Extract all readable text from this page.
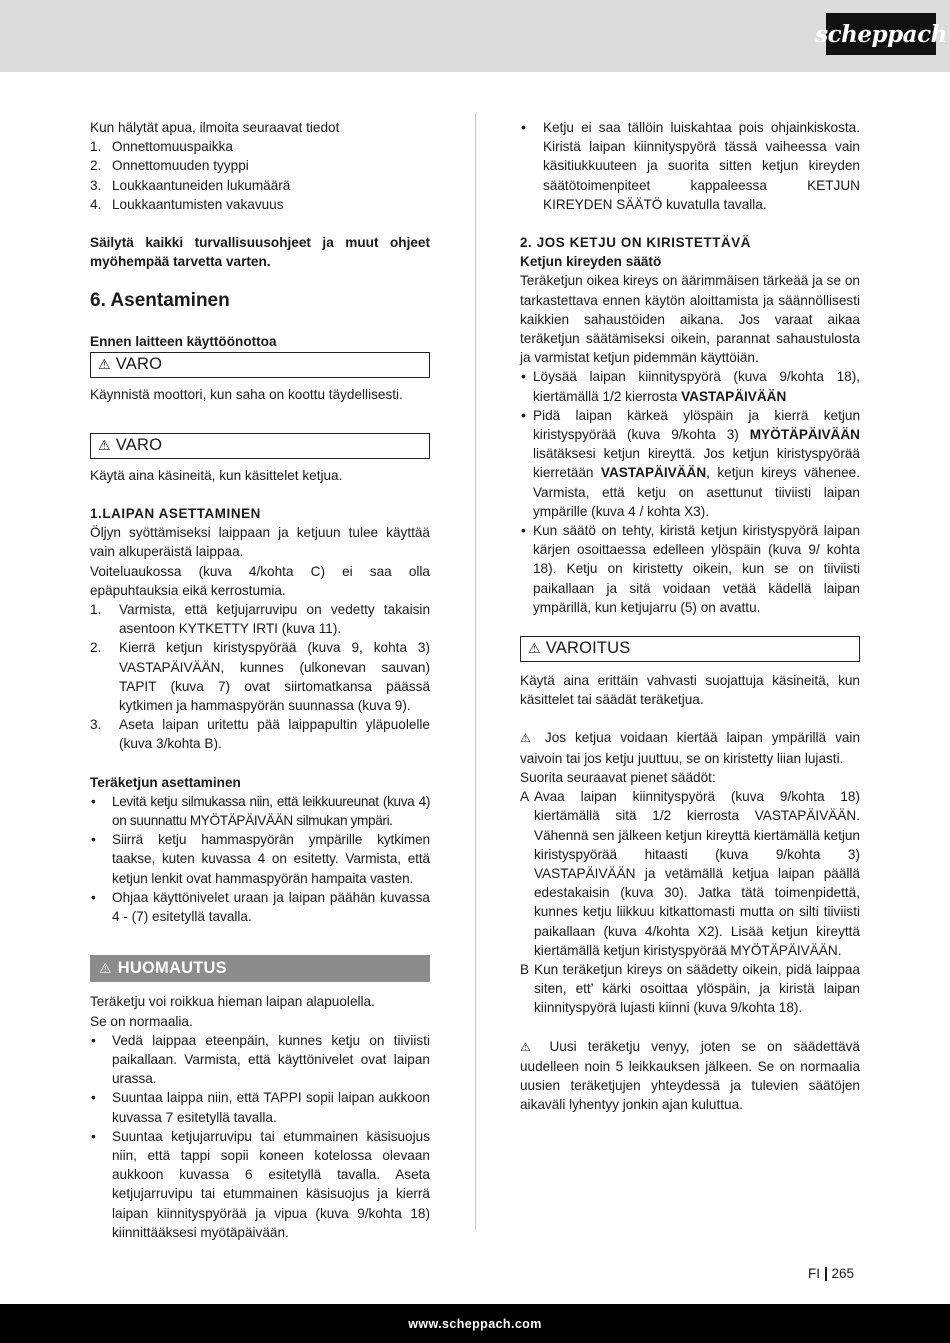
scheppach

Kun hälytät apua, ilmoita seuraavat tiedot

1. Onnettomuuspaikka
2. Onnettomuuden tyyppi
3. Loukkaantuneiden lukumäärä
4. Loukkaantumisten vakavuus

Säilytä kaikki turvallisuusohjeet ja muut ohjeet myöhempää tarvetta varten.

6. Asentaminen

Ennen laitteen käyttöönottoa

⚠ VARO

Käynnistä moottori, kun saha on koottu täydellisesti.

⚠ VARO

Käytä aina käsineitä, kun käsittelet ketjua.

1.LAIPAN ASETTAMINEN

Öljyn syöttämiseksi laippaan ja ketjuun tulee käyttää vain alkuperäistä laippaa.

Voiteluaukossa (kuva 4/kohta C) ei saa olla epäpuhtauksia eikä kerrostumia.

1. Varmista, että ketjujarruvipu on vedetty takaisin asentoon KYTKETTY IRTI (kuva 11).
2. Kierrä ketjun kiristyspyörää (kuva 9, kohta 3) VASTAPÄIVÄÄN, kunnes (ulkonevan sauvan) TAPIT (kuva 7) ovat siirtomatkansa päässä kytkimen ja hammaspyörän suunnassa (kuva 9).
3. Aseta laipan uritettu pää laippapultin yläpuolelle (kuva 3/kohta B).

Teräketjun asettaminen

• Levitä ketju silmukassa niin, että leikkuureunat (kuva 4) on suunnattu MYÖTÄPÄIVÄÄN silmukan ympäri.
• Siirrä ketju hammaspyörän ympärille kytkimen taakse, kuten kuvassa 4 on esitetty. Varmista, että ketjun lenkit ovat hammaspyörän hampaita vasten.
• Ohjaa käyttönivelet uraan ja laipan päähän kuvassa 4 - (7) esitetyllä tavalla.
⚠ HUOMAUTUS

Teräketju voi roikkua hieman laipan alapuolella.

Se on normaalia.

• Vedä laippaa eteenpäin, kunnes ketju on tiiviisti paikallaan. Varmista, että käyttönivelet ovat laipan urassa.
• Suuntaa laippa niin, että TAPPI sopii laipan aukkoon kuvassa 7 esitetyllä tavalla.
• Suuntaa ketjujarruvipu tai etummainen käsisuojus niin, että tappi sopii koneen kotelossa olevaan aukkoon kuvassa 6 esitetyllä tavalla. Aseta ketjujarruvipu tai etummainen käsisuojus ja kierrä laipan kiinnityspyörää ja vipua (kuva 9/kohta 18) kiinnittääksesi myötäpäivään.
• Ketju ei saa tällöin luiskahtaa pois ohjainkiskosta. Kiristä laipan kiinnityspyörä tässä vaiheessa vain käsitiukkuuteen ja suorita sitten ketjun kireyden säätötoimenpiteet kappaleessa KETJUN KIREYDEN SÄÄTÖ kuvatulla tavalla.

2. JOS KETJU ON KIRISTETTÄVÄ

Ketjun kireyden säätö

Teräketjun oikea kireys on äärimmäisen tärkeää ja se on tarkastettava ennen käytön aloittamista ja säännöllisesti kaikkien sahaustöiden aikana. Jos varaat aikaa teräketjun säätämiseksi oikein, parannat sahaustulosta ja varmistat ketjun pidemmän käyttöiän.

• Löysää laipan kiinnityspyörä (kuva 9/kohta 18), kiertämällä 1/2 kierrosta VASTAPÄIVÄÄN
• Pidä laipan kärkeä ylöspäin ja kierrä ketjun kiristyspyörää (kuva 9/kohta 3) MYÖTÄPÄIVÄÄN lisätäksesi ketjun kireyttä. Jos ketjun kiristyspyörää kierretään VASTAPÄIVÄÄN, ketjun kireys vähenee. Varmista, että ketju on asettunut tiiviisti laipan ympärille (kuva 4 / kohta X3).
• Kun säätö on tehty, kiristä ketjun kiristyspyörä laipan kärjen osoittaessa edelleen ylöspäin (kuva 9/ kohta 18). Ketju on kiristetty oikein, kun se on tiiviisti paikallaan ja sitä voidaan vetää kädellä laipan ympärillä, kun ketjujarru (5) on avattu.
⚠ VAROITUS

Käytä aina erittäin vahvasti suojattuja käsineitä, kun käsittelet tai säädät teräketjua.

⚠ Jos ketjua voidaan kiertää laipan ympärillä vain vaivoin tai jos ketju juuttuu, se on kiristetty liian lujasti.

Suorita seuraavat pienet säädöt:

A Avaa laipan kiinnityspyörä (kuva 9/kohta 18) kiertämällä sitä 1/2 kierrosta VASTAPÄIVÄÄN. Vähennä sen jälkeen ketjun kireyttä kiertämällä ketjun kiristyspyörää hitaasti (kuva 9/kohta 3) VASTAPÄIVÄÄN ja vetämällä ketjua laipan päällä edestakaisin (kuva 30). Jatka tätä toimenpidettä, kunnes ketju liikkuu kitkattomasti mutta on silti tiiviisti paikallaan (kuva 4/kohta X2). Lisää ketjun kireyttä kiertämällä ketjun kiristyspyörää MYÖTÄPÄIVÄÄN.
B Kun teräketjun kireys on säädetty oikein, pidä laippaa siten, ett’ kärki osoittaa ylöspäin, ja kiristä laipan kiinnityspyörä lujasti kiinni (kuva 9/kohta 18).

⚠ Uusi teräketju venyy, joten se on säädettävä uudelleen noin 5 leikkauksen jälkeen. Se on normaalia uusien teräketjujen yhteydessä ja tulevien säätöjen aikaväli lyhentyy jonkin ajan kuluttua.

FI 265
www.scheppach.com
